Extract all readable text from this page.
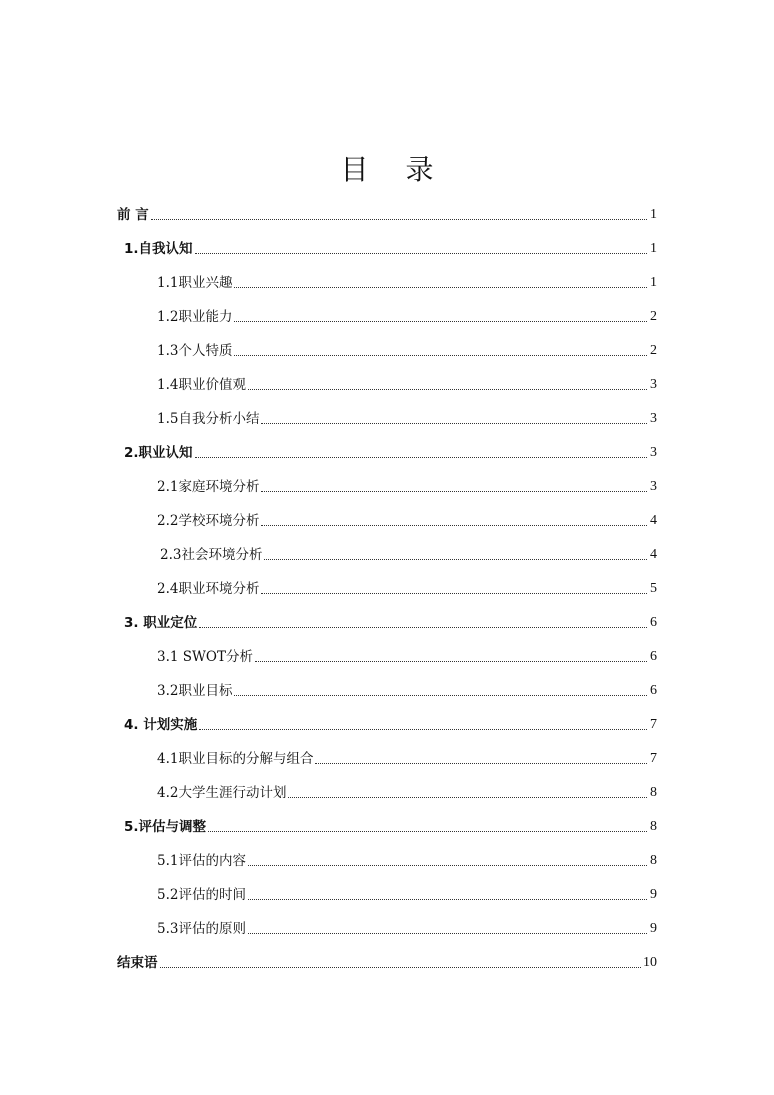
目 录
前 言	1
1.自我认知	1
1.1职业兴趣	1
1.2职业能力	2
1.3个人特质	2
1.4职业价值观	3
1.5自我分析小结	3
2.职业认知	3
2.1家庭环境分析	3
2.2学校环境分析	4
2.3社会环境分析	4
2.4职业环境分析	5
3. 职业定位	6
3.1 SWOT分析	6
3.2职业目标	6
4. 计划实施	7
4.1职业目标的分解与组合	7
4.2大学生涯行动计划	8
5.评估与调整	8
5.1评估的内容	8
5.2评估的时间	9
5.3评估的原则	9
结束语	10
